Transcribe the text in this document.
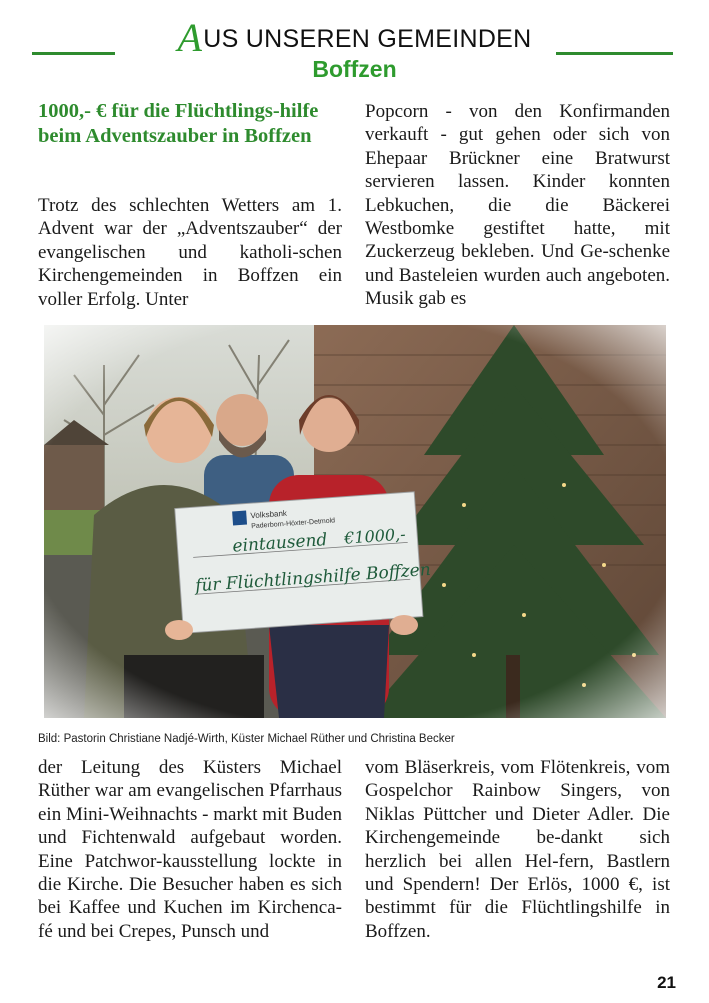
AUS UNSEREN GEMEINDEN
Boffzen
1000,- € für die Flüchtlings-hilfe beim Adventszauber in Boffzen

Trotz des schlechten Wetters am 1. Advent war der „Adventszauber“ der evangelischen und katholi-schen Kirchengemeinden in Boffzen ein voller Erfolg. Unter

Popcorn - von den Konfirmanden verkauft - gut gehen oder sich von Ehepaar Brückner eine Bratwurst servieren lassen. Kinder konnten Lebkuchen, die die Bäckerei Westbomke gestiftet hatte, mit Zuckerzeug bekleben. Und Ge-schenke und Basteleien wurden auch angeboten. Musik gab es

Bild: Pastorin Christiane Nadjé-Wirth, Küster Michael Rüther und Christina Becker

der Leitung des Küsters Michael Rüther war am evangelischen Pfarrhaus ein Mini-Weihnachts - markt mit Buden und Fichtenwald aufgebaut worden. Eine Patchwor-kausstellung lockte in die Kirche. Die Besucher haben es sich bei Kaffee und Kuchen im Kirchenca-fé und bei Crepes, Punsch und

vom Bläserkreis, vom Flötenkreis, vom Gospelchor Rainbow Singers, von Niklas Püttcher und Dieter Adler. Die Kirchengemeinde be-dankt sich herzlich bei allen Hel-fern, Bastlern und Spendern! Der Erlös, 1000 €, ist bestimmt für die Flüchtlingshilfe in Boffzen.

21
